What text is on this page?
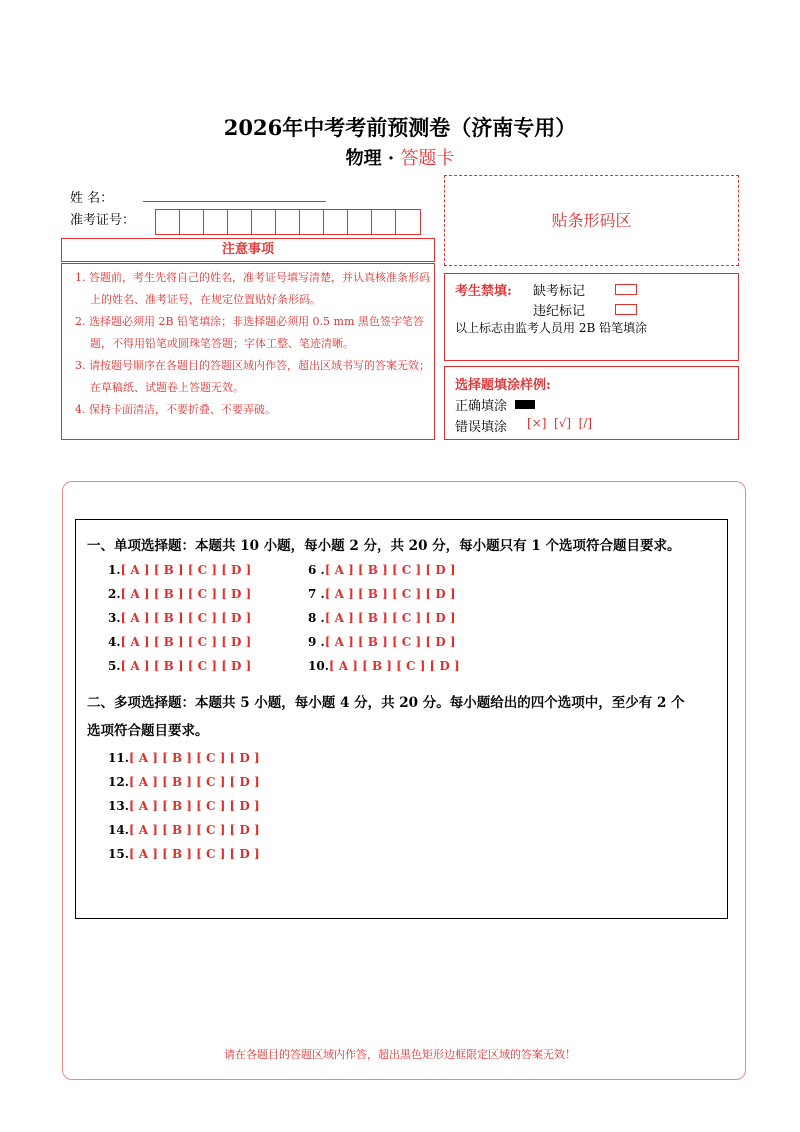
2026年中考考前预测卷（济南专用）
物理 · 答题卡
姓 名：
准考证号：
注意事项
1. 答题前，考生先将自己的姓名，准考证号填写清楚，并认真核准条形码上的姓名、准考证号，在规定位置贴好条形码。
2. 选择题必须用 2B 铅笔填涂；非选择题必须用 0.5 mm 黑色签字笔答题，不得用铅笔或圆珠笔答题；字体工整、笔迹清晰。
3. 请按题号顺序在各题目的答题区域内作答，超出区域书写的答案无效；在草稿纸、试题卷上答题无效。
4. 保持卡面清洁，不要折叠、不要弄破。
贴条形码区
考生禁填: 缺考标记
违纪标记
以上标志由监考人员用 2B 铅笔填涂
选择题填涂样例:
正确填涂
错误填涂 [×]  [√]  [/]
一、单项选择题：本题共 10 小题，每小题 2 分，共 20 分，每小题只有 1 个选项符合题目要求。
1.[ A ] [ B ] [ C ] [ D ]
2.[ A ] [ B ] [ C ] [ D ]
3.[ A ] [ B ] [ C ] [ D ]
4.[ A ] [ B ] [ C ] [ D ]
5.[ A ] [ B ] [ C ] [ D ]
6 .[ A ] [ B ] [ C ] [ D ]
7 .[ A ] [ B ] [ C ] [ D ]
8 .[ A ] [ B ] [ C ] [ D ]
9 .[ A ] [ B ] [ C ] [ D ]
10.[ A ] [ B ] [ C ] [ D ]
二、多项选择题：本题共 5 小题，每小题 4 分，共 20 分。每小题给出的四个选项中，至少有 2 个
选项符合题目要求。
11.[ A ] [ B ] [ C ] [ D ]
12.[ A ] [ B ] [ C ] [ D ]
13.[ A ] [ B ] [ C ] [ D ]
14.[ A ] [ B ] [ C ] [ D ]
15.[ A ] [ B ] [ C ] [ D ]
请在各题目的答题区域内作答，超出黑色矩形边框限定区域的答案无效！
